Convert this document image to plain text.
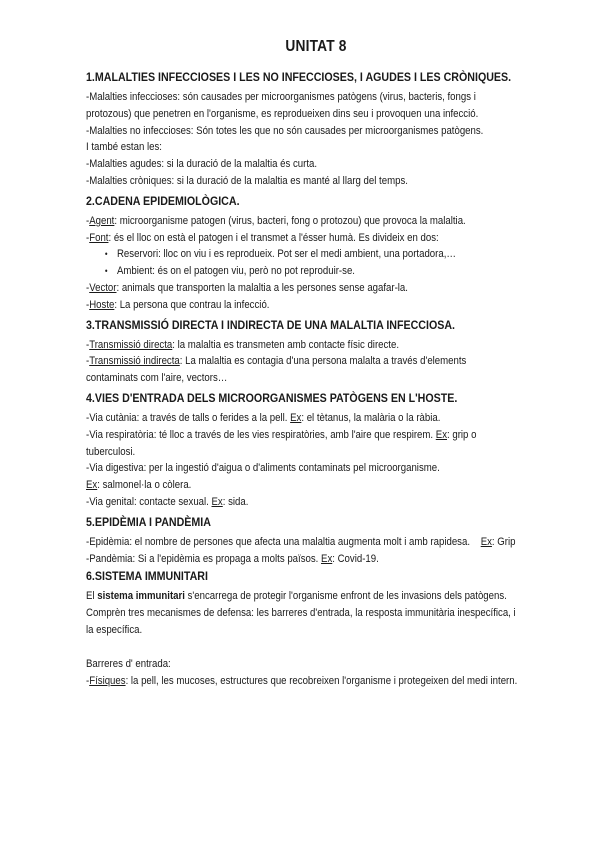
UNITAT 8
1.MALALTIES INFECCIOSES I LES NO INFECCIOSES, I AGUDES I LES CRÒNIQUES.

-Malalties infeccioses: són causades per microorganismes patògens (virus, bacteris, fongs i

protozous) que penetren en l'organisme, es reprodueixen dins seu i provoquen una infecció.

-Malalties no infeccioses: Són totes les que no són causades per microorganismes patògens.

I també estan les:

-Malalties agudes: si la duració de la malaltia és curta.

-Malalties cròniques: si la duració de la malaltia es manté al llarg del temps.

2.CADENA EPIDEMIOLÒGICA.

-Agent: microorganisme patogen (virus, bacteri, fong o protozou) que provoca la malaltia.

-Font: és el lloc on està el patogen i el transmet a l'ésser humà. Es divideix en dos:

• Reservori: lloc on viu i es reprodueix. Pot ser el medi ambient, una portadora,…

• Ambient: és on el patogen viu, però no pot reproduir-se.

-Vector: animals que transporten la malaltia a les persones sense agafar-la.

-Hoste: La persona que contrau la infecció.

3.TRANSMISSIÓ DIRECTA I INDIRECTA DE UNA MALALTIA INFECCIOSA.

-Transmissió directa: la malaltia es transmeten amb contacte físic directe.

-Transmissió indirecta: La malaltia es contagia d'una persona malalta a través d'elements

contaminats com l'aire, vectors…

4.VIES D'ENTRADA DELS MICROORGANISMES PATÒGENS EN L'HOSTE.

-Via cutània: a través de talls o ferides a la pell. Ex: el tètanus, la malària o la ràbia.

-Via respiratòria: té lloc a través de les vies respiratòries, amb l'aire que respirem. Ex: grip o

tuberculosi.

-Via digestiva: per la ingestió d'aigua o d'aliments contaminats pel microorganisme.

Ex: salmonel·la o còlera.

-Via genital: contacte sexual. Ex: sida.

5.EPIDÈMIA I PANDÈMIA

-Epidèmia: el nombre de persones que afecta una malaltia augmenta molt i amb rapidesa.    Ex: Grip

-Pandèmia: Si a l'epidèmia es propaga a molts països. Ex: Covid-19.

6.SISTEMA IMMUNITARI

El sistema immunitari s'encarrega de protegir l'organisme enfront de les invasions dels patògens.

Comprèn tres mecanismes de defensa: les barreres d'entrada, la resposta immunitària inespecífica, i

la específica.

Barreres d' entrada:

-Físiques: la pell, les mucoses, estructures que recobreixen l'organisme i protegeixen del medi intern.
